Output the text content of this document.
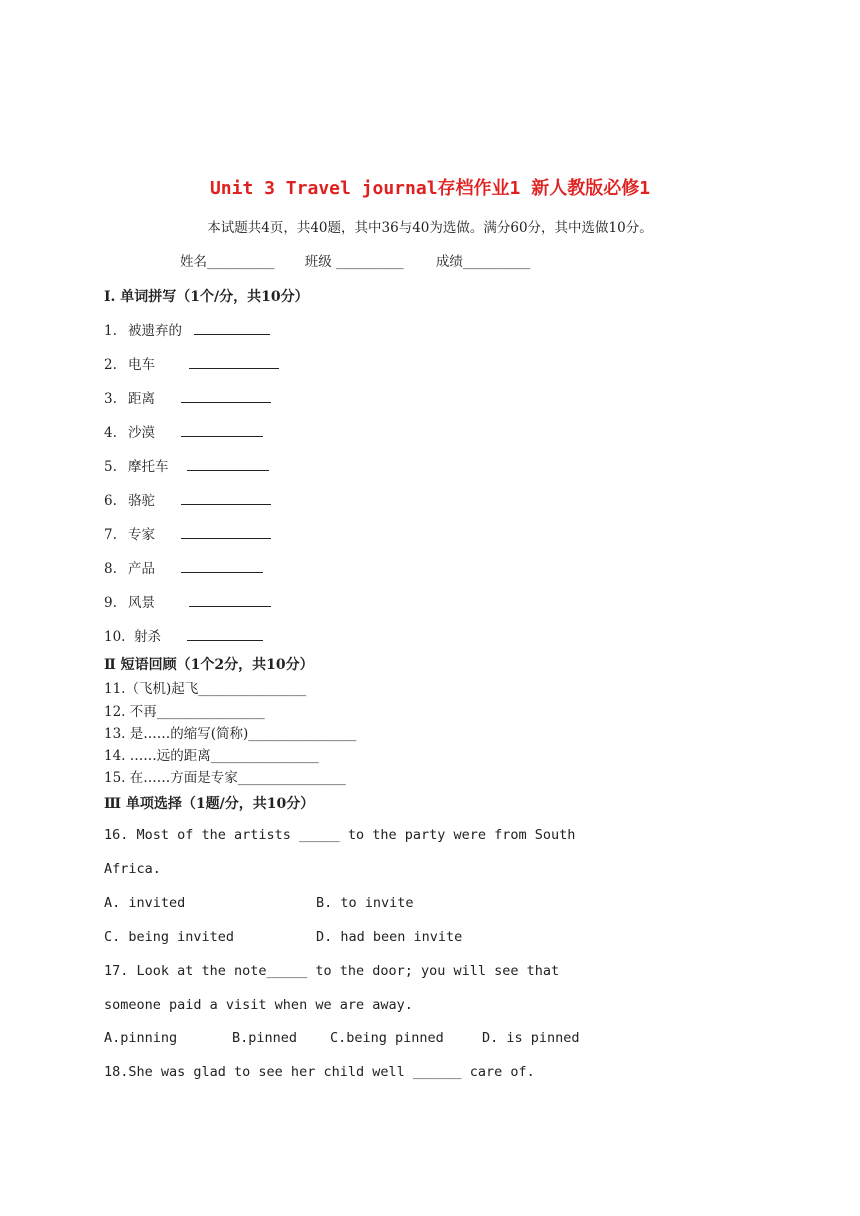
Unit 3 Travel journal存档作业1 新人教版必修1
本试题共4页，共40题，其中36与40为选做。满分60分，其中选做10分。
姓名__________ 班级 __________ 成绩__________
I. 单词拼写（1个/分，共10分）
1. 被遗弃的
2. 电车
3. 距离
4. 沙漠
5. 摩托车
6. 骆驼
7. 专家
8. 产品
9. 风景
10. 射杀
Ⅱ 短语回顾（1个2分，共10分）
11.（飞机)起飞________________
12. 不再________________
13. 是……的缩写(简称)________________
14. ……远的距离________________
15. 在……方面是专家________________
Ⅲ 单项选择（1题/分，共10分）
16. Most of the artists _____ to the party were from South
Africa.
A. invited	B. to invite
C. being invited	D. had been invite
17. Look at the note_____ to the door; you will see that
someone paid a visit when we are away.
A.pinning	B.pinned C.being pinned	D. is pinned
18.She was glad to see her child well ______ care of.
